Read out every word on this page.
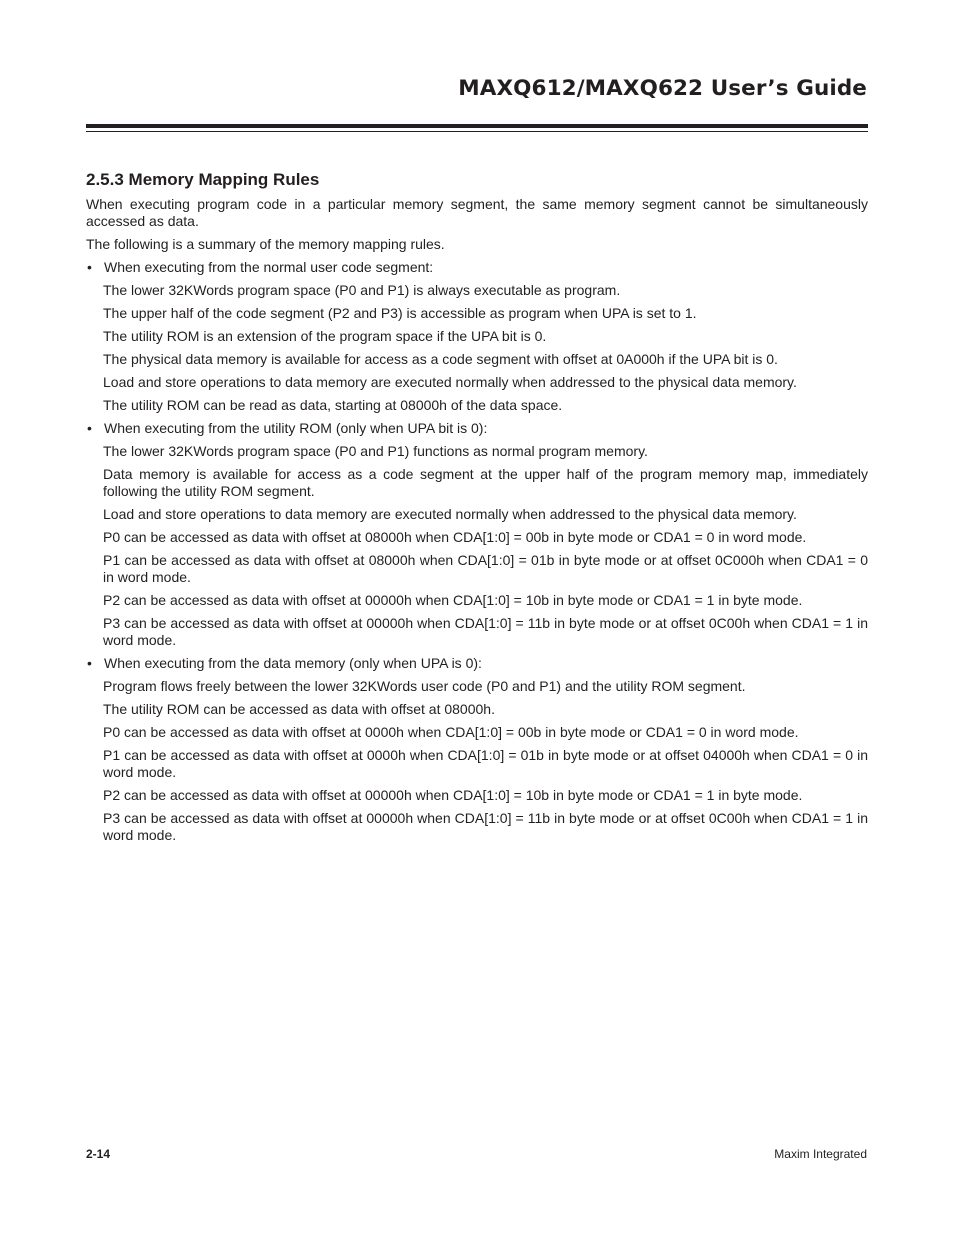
MAXQ612/MAXQ622 User’s Guide
2.5.3 Memory Mapping Rules

When executing program code in a particular memory segment, the same memory segment cannot be simultaneously accessed as data.

The following is a summary of the memory mapping rules.

• When executing from the normal user code segment:

The lower 32KWords program space (P0 and P1) is always executable as program.

The upper half of the code segment (P2 and P3) is accessible as program when UPA is set to 1.

The utility ROM is an extension of the program space if the UPA bit is 0.

The physical data memory is available for access as a code segment with offset at 0A000h if the UPA bit is 0.

Load and store operations to data memory are executed normally when addressed to the physical data memory.

The utility ROM can be read as data, starting at 08000h of the data space.

• When executing from the utility ROM (only when UPA bit is 0):

The lower 32KWords program space (P0 and P1) functions as normal program memory.

Data memory is available for access as a code segment at the upper half of the program memory map, immediately following the utility ROM segment.

Load and store operations to data memory are executed normally when addressed to the physical data memory.

P0 can be accessed as data with offset at 08000h when CDA[1:0] = 00b in byte mode or CDA1 = 0 in word mode.

P1 can be accessed as data with offset at 08000h when CDA[1:0] = 01b in byte mode or at offset 0C000h when CDA1 = 0 in word mode.

P2 can be accessed as data with offset at 00000h when CDA[1:0] = 10b in byte mode or CDA1 = 1 in byte mode.

P3 can be accessed as data with offset at 00000h when CDA[1:0] = 11b in byte mode or at offset 0C00h when CDA1 = 1 in word mode.

• When executing from the data memory (only when UPA is 0):

Program flows freely between the lower 32KWords user code (P0 and P1) and the utility ROM segment.

The utility ROM can be accessed as data with offset at 08000h.

P0 can be accessed as data with offset at 0000h when CDA[1:0] = 00b in byte mode or CDA1 = 0 in word mode.

P1 can be accessed as data with offset at 0000h when CDA[1:0] = 01b in byte mode or at offset 04000h when CDA1 = 0 in word mode.

P2 can be accessed as data with offset at 00000h when CDA[1:0] = 10b in byte mode or CDA1 = 1 in byte mode.

P3 can be accessed as data with offset at 00000h when CDA[1:0] = 11b in byte mode or at offset 0C00h when CDA1 = 1 in word mode.

2-14	Maxim Integrated
